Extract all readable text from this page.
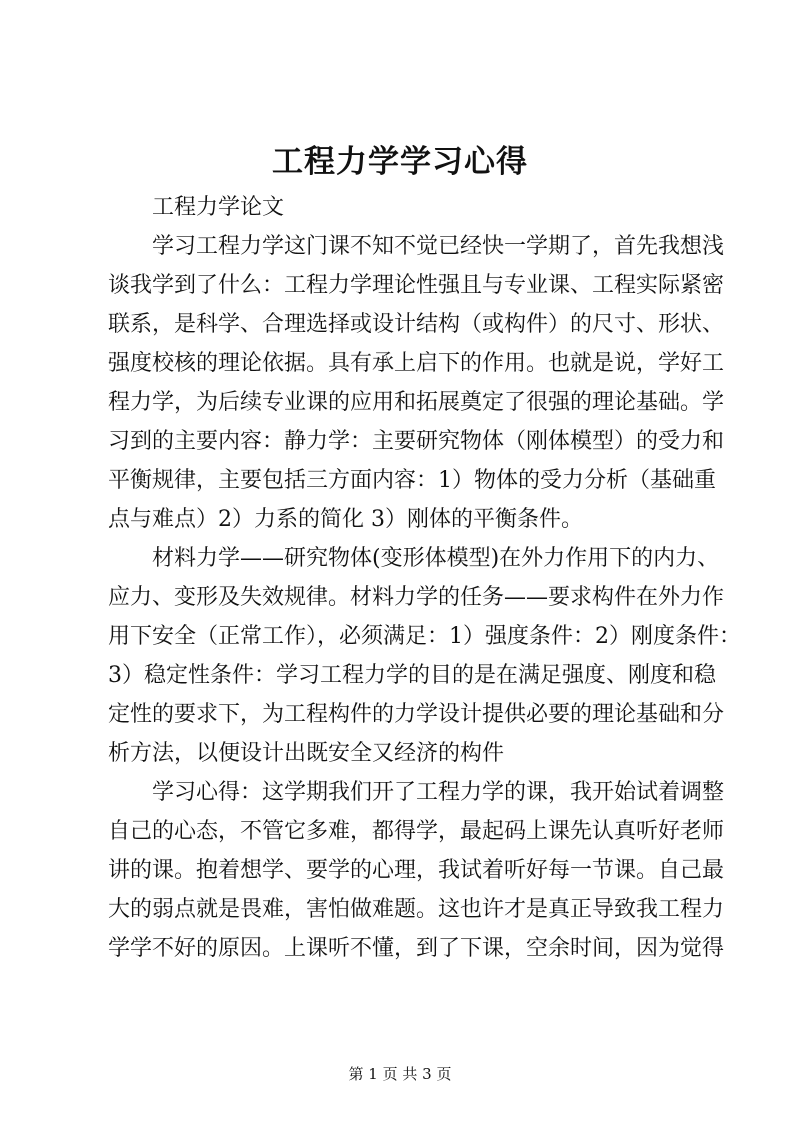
工程力学学习心得
工程力学论文
学习工程力学这门课不知不觉已经快一学期了，首先我想浅
谈我学到了什么：工程力学理论性强且与专业课、工程实际紧密
联系，是科学、合理选择或设计结构（或构件）的尺寸、形状、
强度校核的理论依据。具有承上启下的作用。也就是说，学好工
程力学，为后续专业课的应用和拓展奠定了很强的理论基础。学
习到的主要内容：静力学：主要研究物体（刚体模型）的受力和
平衡规律，主要包括三方面内容：1）物体的受力分析（基础重
点与难点）2）力系的简化 3）刚体的平衡条件。
材料力学——研究物体(变形体模型)在外力作用下的内力、
应力、变形及失效规律。材料力学的任务——要求构件在外力作
用下安全（正常工作），必须满足：1）强度条件：2）刚度条件：
3）稳定性条件：学习工程力学的目的是在满足强度、刚度和稳
定性的要求下，为工程构件的力学设计提供必要的理论基础和分
析方法，以便设计出既安全又经济的构件
学习心得：这学期我们开了工程力学的课，我开始试着调整
自己的心态，不管它多难，都得学，最起码上课先认真听好老师
讲的课。抱着想学、要学的心理，我试着听好每一节课。自己最
大的弱点就是畏难，害怕做难题。这也许才是真正导致我工程力
学学不好的原因。上课听不懂，到了下课，空余时间，因为觉得
第 1 页 共 3 页
